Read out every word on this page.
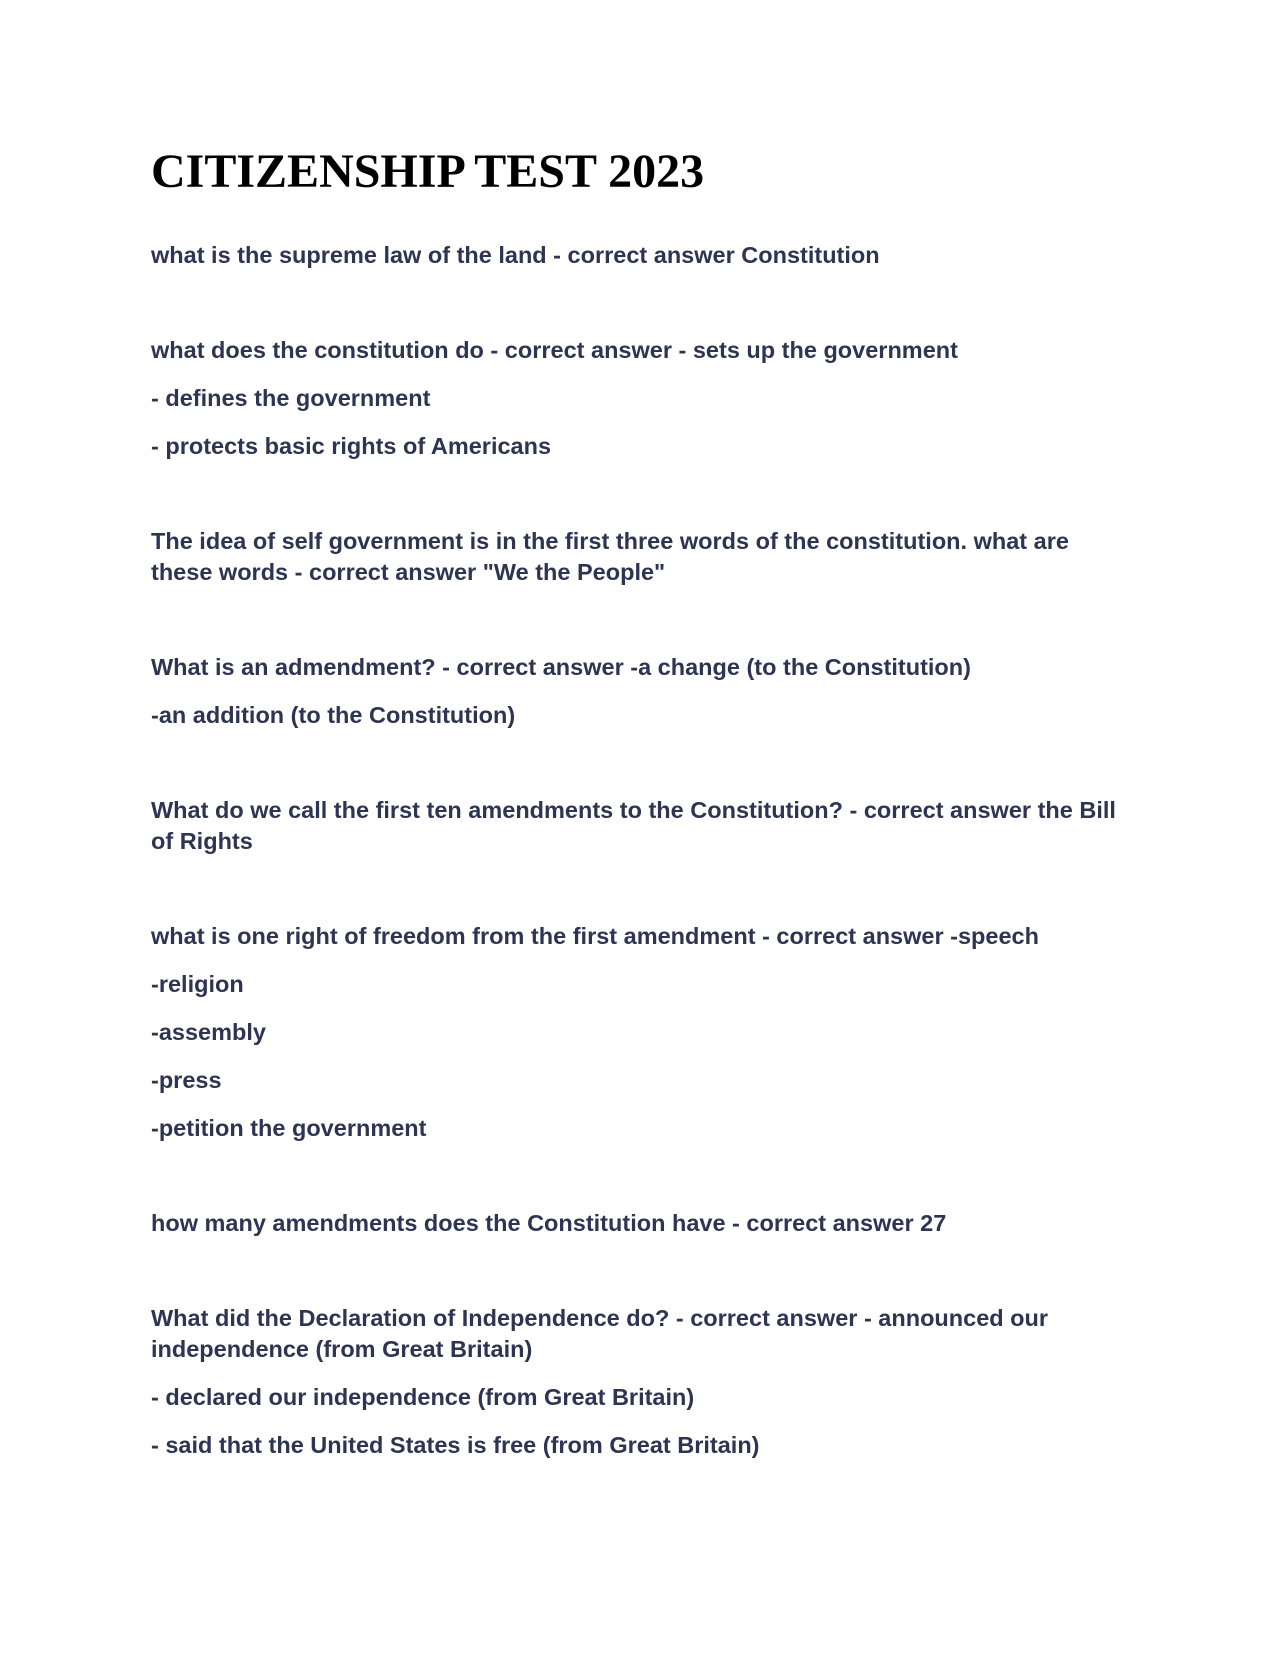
CITIZENSHIP TEST 2023

what is the supreme law of the land - correct answer Constitution

what does the constitution do - correct answer - sets up the government

- defines the government

- protects basic rights of Americans

The idea of self government is in the first three words of the constitution. what are these words - correct answer "We the People"

What is an admendment? - correct answer -a change (to the Constitution)

-an addition (to the Constitution)

What do we call the first ten amendments to the Constitution? - correct answer the Bill of Rights

what is one right of freedom from the first amendment - correct answer -speech

-religion

-assembly

-press

-petition the government

how many amendments does the Constitution have - correct answer 27

What did the Declaration of Independence do? - correct answer - announced our independence (from Great Britain)

- declared our independence (from Great Britain)

- said that the United States is free (from Great Britain)
